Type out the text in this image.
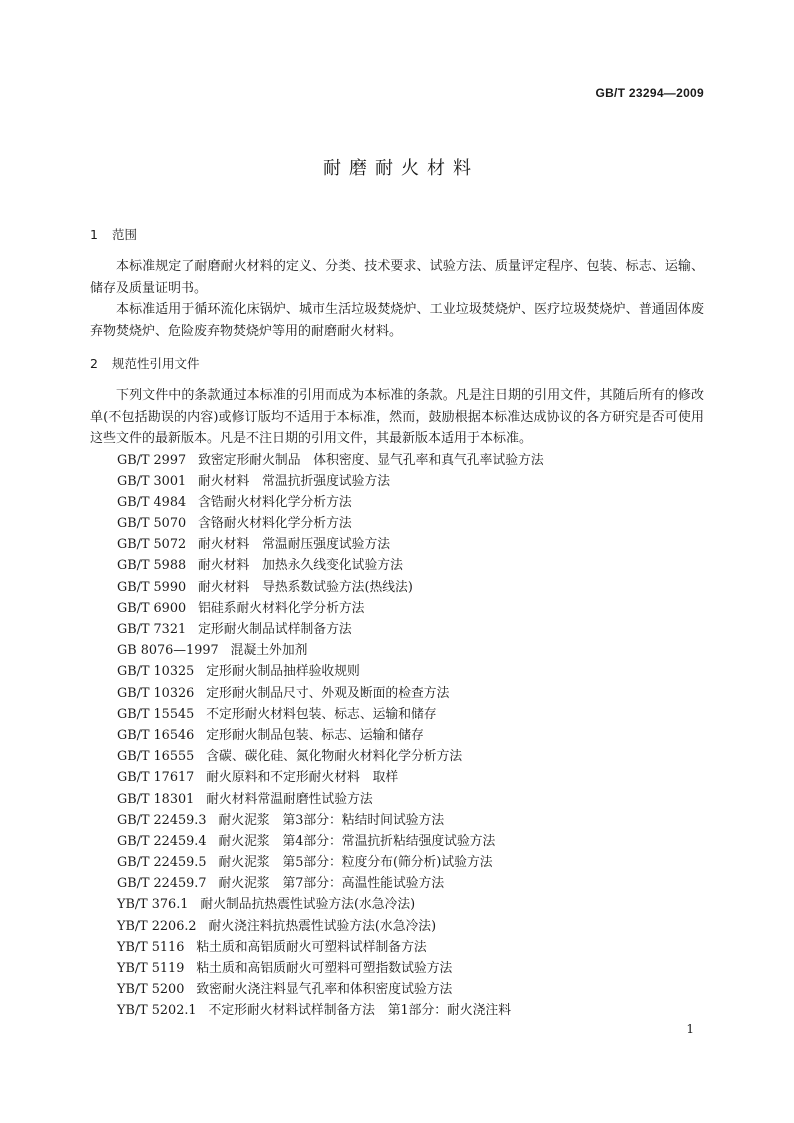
GB/T 23294—2009
耐磨耐火材料
1 范围

本标准规定了耐磨耐火材料的定义、分类、技术要求、试验方法、质量评定程序、包装、标志、运输、储存及质量证明书。

本标准适用于循环流化床锅炉、城市生活垃圾焚烧炉、工业垃圾焚烧炉、医疗垃圾焚烧炉、普通固体废弃物焚烧炉、危险废弃物焚烧炉等用的耐磨耐火材料。

2 规范性引用文件

下列文件中的条款通过本标准的引用而成为本标准的条款。凡是注日期的引用文件，其随后所有的修改单(不包括勘误的内容)或修订版均不适用于本标准，然而，鼓励根据本标准达成协议的各方研究是否可使用这些文件的最新版本。凡是不注日期的引用文件，其最新版本适用于本标准。

GB/T 2997 致密定形耐火制品　体积密度、显气孔率和真气孔率试验方法
GB/T 3001 耐火材料　常温抗折强度试验方法
GB/T 4984 含锆耐火材料化学分析方法
GB/T 5070 含铬耐火材料化学分析方法
GB/T 5072 耐火材料　常温耐压强度试验方法
GB/T 5988 耐火材料　加热永久线变化试验方法
GB/T 5990 耐火材料　导热系数试验方法(热线法)
GB/T 6900 铝硅系耐火材料化学分析方法
GB/T 7321 定形耐火制品试样制备方法
GB 8076—1997 混凝土外加剂
GB/T 10325 定形耐火制品抽样验收规则
GB/T 10326 定形耐火制品尺寸、外观及断面的检查方法
GB/T 15545 不定形耐火材料包装、标志、运输和储存
GB/T 16546 定形耐火制品包装、标志、运输和储存
GB/T 16555 含碳、碳化硅、氮化物耐火材料化学分析方法
GB/T 17617 耐火原料和不定形耐火材料　取样
GB/T 18301 耐火材料常温耐磨性试验方法
GB/T 22459.3 耐火泥浆　第3部分：粘结时间试验方法
GB/T 22459.4 耐火泥浆　第4部分：常温抗折粘结强度试验方法
GB/T 22459.5 耐火泥浆　第5部分：粒度分布(筛分析)试验方法
GB/T 22459.7 耐火泥浆　第7部分：高温性能试验方法
YB/T 376.1 耐火制品抗热震性试验方法(水急冷法)
YB/T 2206.2 耐火浇注料抗热震性试验方法(水急冷法)
YB/T 5116 粘土质和高铝质耐火可塑料试样制备方法
YB/T 5119 粘土质和高铝质耐火可塑料可塑指数试验方法
YB/T 5200 致密耐火浇注料显气孔率和体积密度试验方法
YB/T 5202.1 不定形耐火材料试样制备方法　第1部分：耐火浇注料
1
